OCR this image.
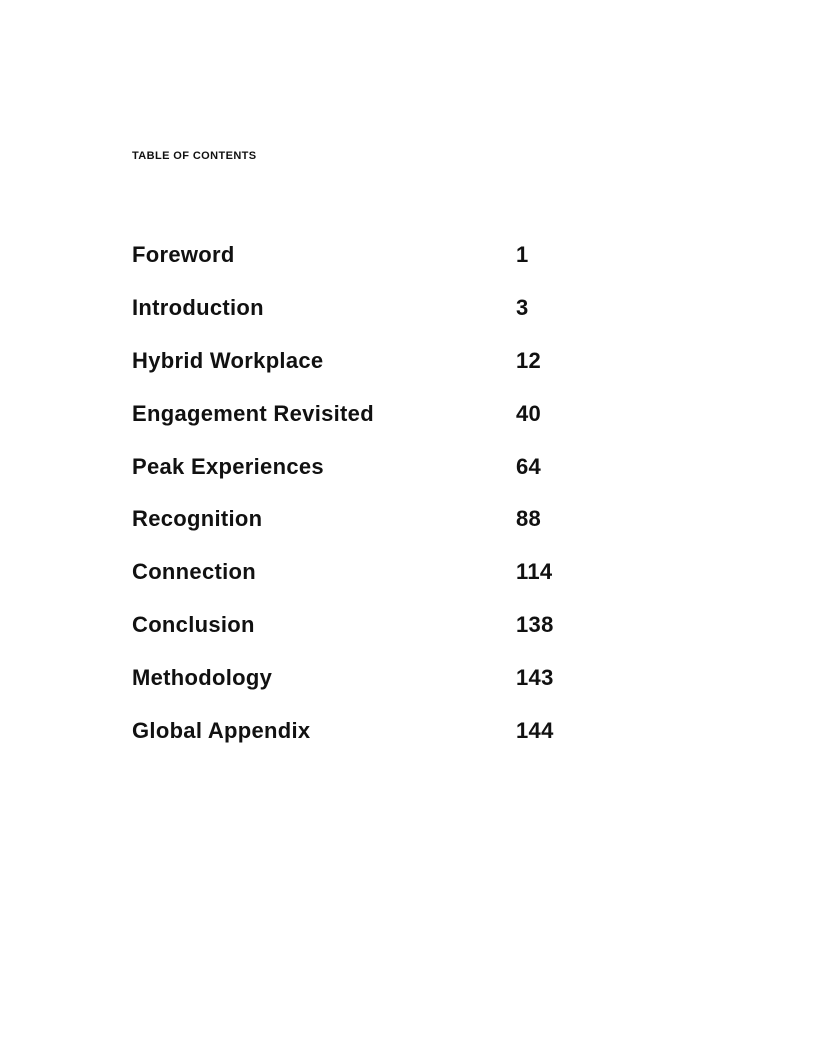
TABLE OF CONTENTS
Foreword	1
Introduction	3
Hybrid Workplace	12
Engagement Revisited	40
Peak Experiences	64
Recognition	88
Connection	114
Conclusion	138
Methodology	143
Global Appendix	144
